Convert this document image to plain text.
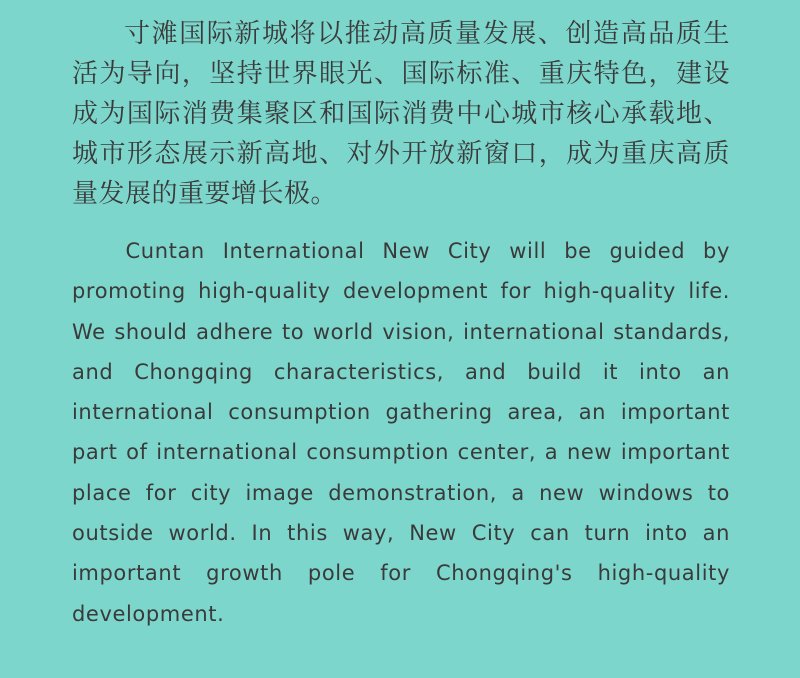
寸滩国际新城将以推动高质量发展、创造高品质生活为导向，坚持世界眼光、国际标准、重庆特色，建设成为国际消费集聚区和国际消费中心城市核心承载地、城市形态展示新高地、对外开放新窗口，成为重庆高质量发展的重要增长极。

Cuntan International New City will be guided by promoting high-quality development for high-quality life. We should adhere to world vision, international standards, and Chongqing characteristics, and build it into an international consumption gathering area, an important part of international consumption center, a new important place for city image demonstration, a new windows to outside world. In this way, New City can turn into an important growth pole for Chongqing's high-quality development.
